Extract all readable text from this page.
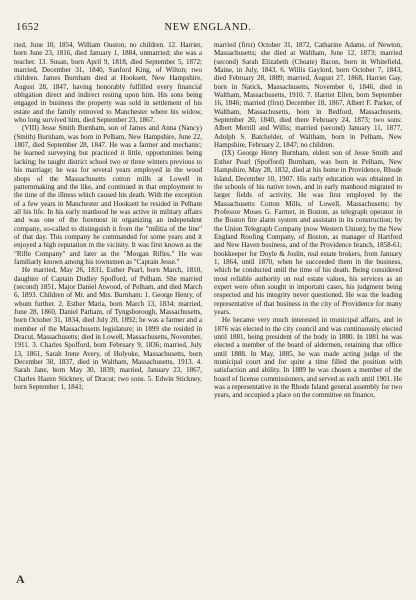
1652	NEW ENGLAND.

ried, June 10, 1854, William Ouston; no children. 12. Harriet, born June 23, 1816, died January 1, 1884, unmarried; she was a teacher. 13. Susan, born April 9, 1818, died September 5, 1872; married, December 31, 1840, Sanford King, of Wilton; two children. James Burnham died at Hooksett, New Hampshire, August 28, 1847, having honorably fulfilled every financial obligation direct and indirect resting upon him. His sons being engaged in business the property was sold in settlement of his estate and the family removed to Manchester where his widow, who long survived him, died September 23, 1867.

(VIII) Jesse Smith Burnham, son of James and Anna (Nancy) (Smith) Burnham, was born in Pelham, New Hampshire, June 22, 1807, died September 28, 1847. He was a farmer and mechanic; he learned surveying but practiced it little, opportunities being lacking; he taught district school two or three winters previous to his marriage; he was for several years employed in the wood shops of the Massachusetts cotton mills at Lowell in patternmaking and the like, and continued in that employment to the time of the illness which caused his death. With the exception of a few years in Manchester and Hooksett he resided in Pelham all his life. In his early manhood he was active in military affairs and was one of the foremost in organizing an independent company, so-called to distinguish it from the "militia of the line" of that day. This company he commanded for some years and it enjoyed a high reputation in the vicinity. It was first known as the "Rifle Company" and later as the "Morgan Rifles." He was familiarly known among his townsmen as "Captain Jesse."

He married, May 26, 1831, Esther Pearl, born March, 1810, daughter of Captain Dudley Spofford, of Pelham. She married (second) 1851, Major Daniel Atwood, of Pelham, and died March 6, 1893. Children of Mr. and Mrs. Burnham: 1. George Henry, of whom further. 2. Esther Maria, born March 13, 1834; married, June 28, 1860, Daniel Parham, of Tyngsborough, Massachusetts, born October 31, 1834, died July 20, 1892; he was a farmer and a member of the Massachusetts legislature; in 1899 she resided in Dracut, Massachusetts; died in Lowell, Massachusetts, November, 1911. 3. Charles Spofford, born February 9, 1836; married, July 13, 1861, Sarah Irene Avery, of Holyoke, Massachusetts, born December 30, 1837, died in Waltham, Massachusetts, 1913. 4. Sarah Jane, born May 30, 1839; married, January 23, 1867, Charles Hazen Stickney, of Dracut; two sons. 5. Edwin Stickney, born September 1, 1841;

married (first) October 31, 1872, Catharine Adams, of Newton, Massachusetts; she died at Waltham, June 12, 1873; married (second) Sarah Elizabeth (Choate) Bacon, born in Whitefield, Maine, in July, 1843. 6. Willis Gaylord, born October 7, 1843, died February 28, 1889; married, August 27, 1868, Harriet Gay, born in Natick, Massachusetts, November 6, 1846, died in Waltham, Massachusetts, 1910. 7. Harriet Ellen, born September 16, 1846; married (first) December 18, 1867, Albert F. Parker, of Waltham, Massachusetts, born in Bedford, Massachusetts, September 20, 1840, died there February 24, 1873; two sons: Albert Merrill and Willis; married (second) January 11, 1877, Adolph S. Batchelder, of Waltham, born in Pelham, New Hampshire, February 2, 1847; no children.

(IX) George Henry Burnham, eldest son of Jesse Smith and Esther Pearl (Spofford) Burnham, was born in Pelham, New Hampshire, May 28, 1832, died at his home in Providence, Rhode Island, December 10, 1907. His early education was obtained in the schools of his native town, and in early manhood migrated to larger fields of activity. He was first employed by the Massachusetts Cotton Mills, of Lowell, Massachusetts; by Professor Moses G. Farmer, in Boston, as telegraph operator in the Boston fire alarm system and assistant in its construction; by the Union Telegraph Company (now Western Union); by the New England Roofing Company, of Boston, as manager of Hartford and New Haven business, and of the Providence branch, 1858-61; bookkeeper for Doyle & Joslin, real estate brokers, from January 1, 1864, until 1870, when he succeeded them in the business, which he conducted until the time of his death. Being considered most reliable authority on real estate values, his services as an expert were often sought in important cases, his judgment being respected and his integrity never questioned. He was the leading representative of that business in the city of Providence for many years.

He became very much interested in municipal affairs, and in 1876 was elected to the city council and was continuously elected until 1881, being president of the body in 1880. In 1881 he was elected a member of the board of aldermen, retaining that office until 1888. In May, 1885, he was made acting judge of the municipal court and for quite a time filled the position with satisfaction and ability. In 1889 he was chosen a member of the board of license commissioners, and served as such until 1901. He was a representative in the Rhode Island general assembly for two years, and occupied a place on the committee on finance,

A
